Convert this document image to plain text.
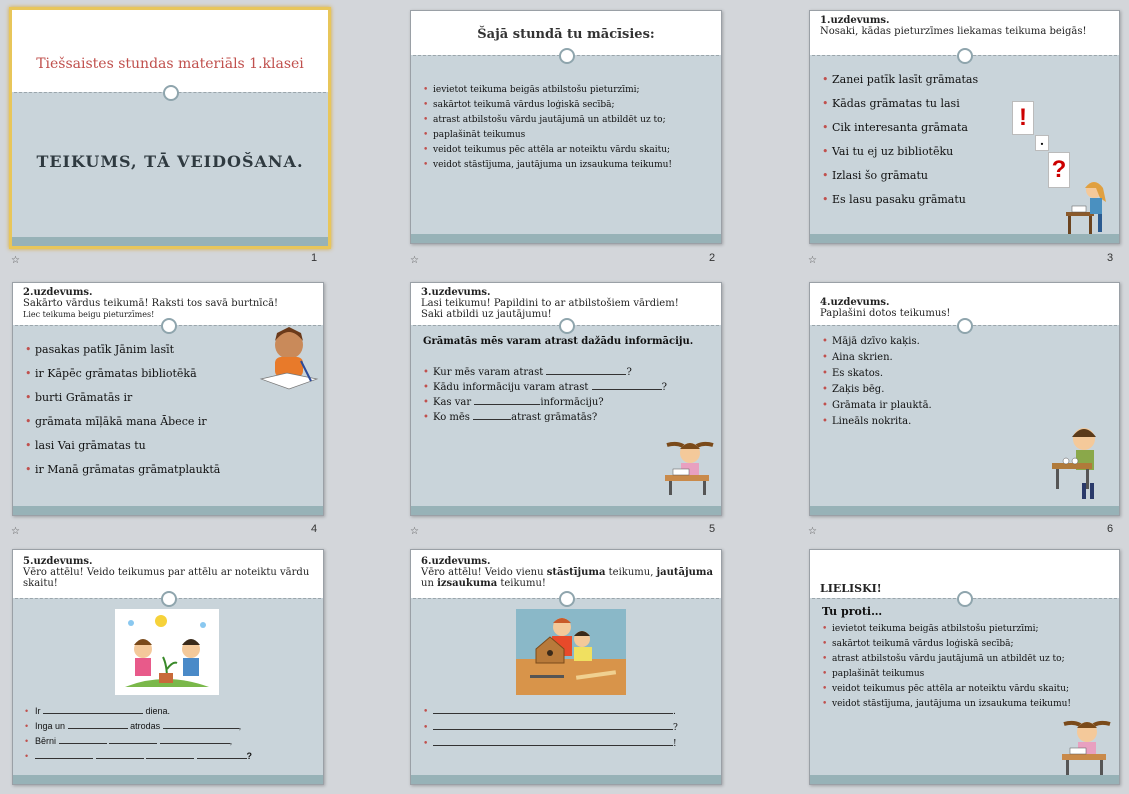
Tiešsaistes stundas materiāls 1.klasei
TEIKUMS, TĀ VEIDOŠANA.
☆	1
Šajā stundā tu mācīsies:
• ievietot teikuma beigās atbilstošu pieturzīmi;
• sakārtot teikumā vārdus loģiskā secībā;
• atrast atbilstošu vārdu jautājumā un atbildēt uz to;
• paplašināt teikumus
• veidot teikumus pēc attēla ar noteiktu vārdu skaitu;
• veidot stāstījuma, jautājuma un izsaukuma teikumu!
☆	2
1.uzdevums.
Nosaki, kādas pieturzīmes liekamas teikuma beigās!
• Zanei patīk lasīt grāmatas
• Kādas grāmatas tu lasi
• Cik interesanta grāmata
• Vai tu ej uz bibliotēku
• Izlasi šo grāmatu
• Es lasu pasaku grāmatu
!
.
?
☆	3
2.uzdevums.
Sakārto vārdus teikumā! Raksti tos savā burtnīcā!
Liec teikuma beigu pieturzīmes!
• pasakas patīk Jānim lasīt
• ir Kāpēc grāmatas bibliotēkā
• burti Grāmatās ir
• grāmata mīļākā mana Ābece ir
• lasi Vai grāmatas tu
• ir Manā grāmatas grāmatplauktā
☆	4
3.uzdevums.
Lasi teikumu! Papildini to ar atbilstošiem vārdiem! Saki atbildi uz jautājumu!
Grāmatās mēs varam atrast dažādu informāciju.
• Kur mēs varam atrast	?
• Kādu informāciju varam atrast	?
• Kas var	informāciju?
• Ko mēs	atrast grāmatās?
☆	5
4.uzdevums.
Paplašini dotos teikumus!
• Mājā dzīvo kaķis.
• Aina skrien.
• Es skatos.
• Zaķis bēg.
• Grāmata ir plauktā.
• Lineāls nokrita.
☆	6
5.uzdevums.
Vēro attēlu! Veido teikumus par attēlu ar noteiktu vārdu skaitu!
• Ir	diena.
• Inga un	atrodas	,
• Bērni	,
• ?
6.uzdevums.
Vēro attēlu! Veido vienu stāstījuma teikumu, jautājuma un izsaukuma teikumu!
• .
• ?
• !
LIELISKI!
Tu proti…
• ievietot teikuma beigās atbilstošu pieturzīmi;
• sakārtot teikumā vārdus loģiskā secībā;
• atrast atbilstošu vārdu jautājumā un atbildēt uz to;
• paplašināt teikumus
• veidot teikumus pēc attēla ar noteiktu vārdu skaitu;
• veidot stāstījuma, jautājuma un izsaukuma teikumu!
